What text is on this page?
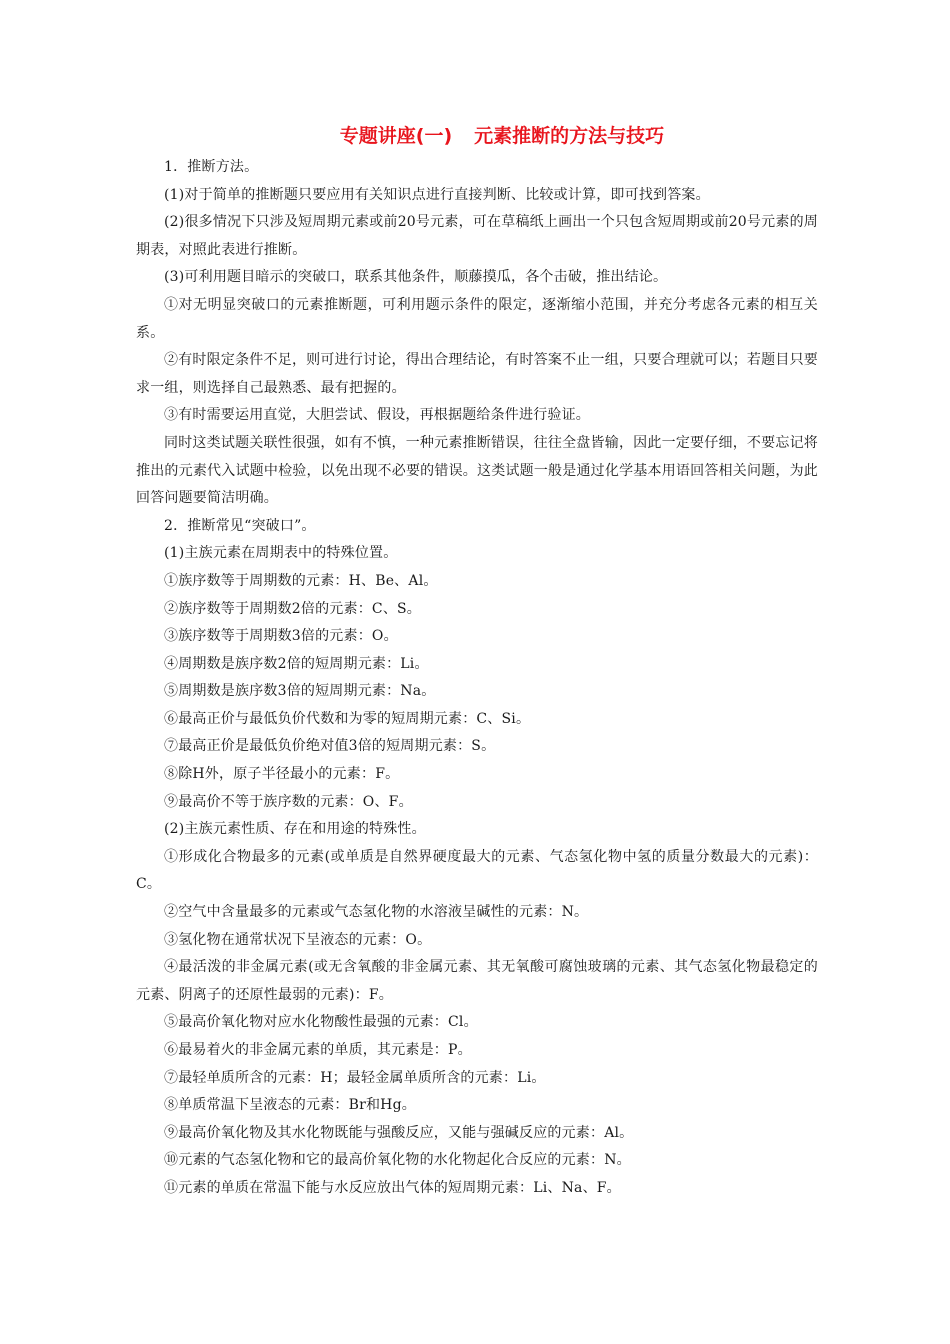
专题讲座(一) 元素推断的方法与技巧

1．推断方法。

(1)对于简单的推断题只要应用有关知识点进行直接判断、比较或计算，即可找到答案。

(2)很多情况下只涉及短周期元素或前20号元素，可在草稿纸上画出一个只包含短周期或前20号元素的周期表，对照此表进行推断。

(3)可利用题目暗示的突破口，联系其他条件，顺藤摸瓜，各个击破，推出结论。

①对无明显突破口的元素推断题，可利用题示条件的限定，逐渐缩小范围，并充分考虑各元素的相互关系。

②有时限定条件不足，则可进行讨论，得出合理结论，有时答案不止一组，只要合理就可以；若题目只要求一组，则选择自己最熟悉、最有把握的。

③有时需要运用直觉，大胆尝试、假设，再根据题给条件进行验证。

同时这类试题关联性很强，如有不慎，一种元素推断错误，往往全盘皆输，因此一定要仔细，不要忘记将推出的元素代入试题中检验，以免出现不必要的错误。这类试题一般是通过化学基本用语回答相关问题，为此回答问题要简洁明确。

2．推断常见“突破口”。

(1)主族元素在周期表中的特殊位置。

①族序数等于周期数的元素：H、Be、Al。

②族序数等于周期数2倍的元素：C、S。

③族序数等于周期数3倍的元素：O。

④周期数是族序数2倍的短周期元素：Li。

⑤周期数是族序数3倍的短周期元素：Na。

⑥最高正价与最低负价代数和为零的短周期元素：C、Si。

⑦最高正价是最低负价绝对值3倍的短周期元素：S。

⑧除H外，原子半径最小的元素：F。

⑨最高价不等于族序数的元素：O、F。

(2)主族元素性质、存在和用途的特殊性。

①形成化合物最多的元素(或单质是自然界硬度最大的元素、气态氢化物中氢的质量分数最大的元素)：C。

②空气中含量最多的元素或气态氢化物的水溶液呈碱性的元素：N。

③氢化物在通常状况下呈液态的元素：O。

④最活泼的非金属元素(或无含氧酸的非金属元素、其无氧酸可腐蚀玻璃的元素、其气态氢化物最稳定的元素、阴离子的还原性最弱的元素)：F。

⑤最高价氧化物对应水化物酸性最强的元素：Cl。

⑥最易着火的非金属元素的单质，其元素是：P。

⑦最轻单质所含的元素：H；最轻金属单质所含的元素：Li。

⑧单质常温下呈液态的元素：Br和Hg。

⑨最高价氧化物及其水化物既能与强酸反应，又能与强碱反应的元素：Al。

⑩元素的气态氢化物和它的最高价氧化物的水化物起化合反应的元素：N。

⑪元素的单质在常温下能与水反应放出气体的短周期元素：Li、Na、F。
